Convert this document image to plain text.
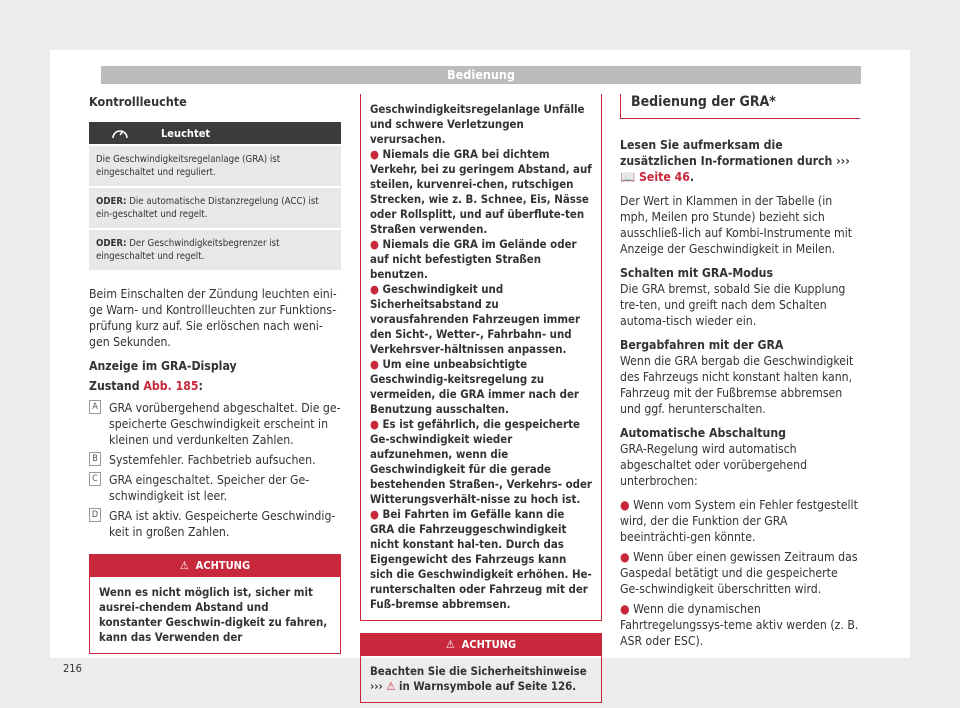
Bedienung
Kontrollleuchte
Leuchtet
Die Geschwindigkeitsregelanlage (GRA) ist eingeschaltet und reguliert.
ODER: Die automatische Distanzregelung (ACC) ist ein-geschaltet und regelt.
ODER: Der Geschwindigkeitsbegrenzer ist eingeschaltet und regelt.

Beim Einschalten der Zündung leuchten eini-ge Warn- und Kontrollleuchten zur Funktions-prüfung kurz auf. Sie erlöschen nach weni-gen Sekunden.

Anzeige im GRA-Display
Zustand Abb. 185:
A GRA vorübergehend abgeschaltet. Die ge-speicherte Geschwindigkeit erscheint in kleinen und verdunkelten Zahlen.
B Systemfehler. Fachbetrieb aufsuchen.
C GRA eingeschaltet. Speicher der Ge-schwindigkeit ist leer.
D GRA ist aktiv. Gespeicherte Geschwindig-keit in großen Zahlen.
⚠ ACHTUNG
Wenn es nicht möglich ist, sicher mit ausrei-chendem Abstand und konstanter Geschwin-digkeit zu fahren, kann das Verwenden der
Geschwindigkeitsregelanlage Unfälle und schwere Verletzungen verursachen.
● Niemals die GRA bei dichtem Verkehr, bei zu geringem Abstand, auf steilen, kurvenrei-chen, rutschigen Strecken, wie z. B. Schnee, Eis, Nässe oder Rollsplitt, und auf überflute-ten Straßen verwenden.
● Niemals die GRA im Gelände oder auf nicht befestigten Straßen benutzen.
● Geschwindigkeit und Sicherheitsabstand zu vorausfahrenden Fahrzeugen immer den Sicht-, Wetter-, Fahrbahn- und Verkehrsver-hältnissen anpassen.
● Um eine unbeabsichtigte Geschwindig-keitsregelung zu vermeiden, die GRA immer nach der Benutzung ausschalten.
● Es ist gefährlich, die gespeicherte Ge-schwindigkeit wieder aufzunehmen, wenn die Geschwindigkeit für die gerade bestehenden Straßen-, Verkehrs- oder Witterungsverhält-nisse zu hoch ist.
● Bei Fahrten im Gefälle kann die GRA die Fahrzeuggeschwindigkeit nicht konstant hal-ten. Durch das Eigengewicht des Fahrzeugs kann sich die Geschwindigkeit erhöhen. He-runterschalten oder Fahrzeug mit der Fuß-bremse abbremsen.
⚠ ACHTUNG
Beachten Sie die Sicherheitshinweise ››› ⚠ in Warnsymbole auf Seite 126.
Bedienung der GRA*

Lesen Sie aufmerksam die zusätzlichen In-formationen durch ››› 📖 Seite 46.

Der Wert in Klammen in der Tabelle (in mph, Meilen pro Stunde) bezieht sich ausschließ-lich auf Kombi-Instrumente mit Anzeige der Geschwindigkeit in Meilen.

Schalten mit GRA-Modus

Die GRA bremst, sobald Sie die Kupplung tre-ten, und greift nach dem Schalten automa-tisch wieder ein.

Bergabfahren mit der GRA

Wenn die GRA bergab die Geschwindigkeit des Fahrzeugs nicht konstant halten kann, Fahrzeug mit der Fußbremse abbremsen und ggf. herunterschalten.

Automatische Abschaltung

GRA-Regelung wird automatisch abgeschaltet oder vorübergehend unterbrochen:

● Wenn vom System ein Fehler festgestellt wird, der die Funktion der GRA beeinträchti-gen könnte.
● Wenn über einen gewissen Zeitraum das Gaspedal betätigt und die gespeicherte Ge-schwindigkeit überschritten wird.
● Wenn die dynamischen Fahrtregelungssys-teme aktiv werden (z. B. ASR oder ESC).
216
